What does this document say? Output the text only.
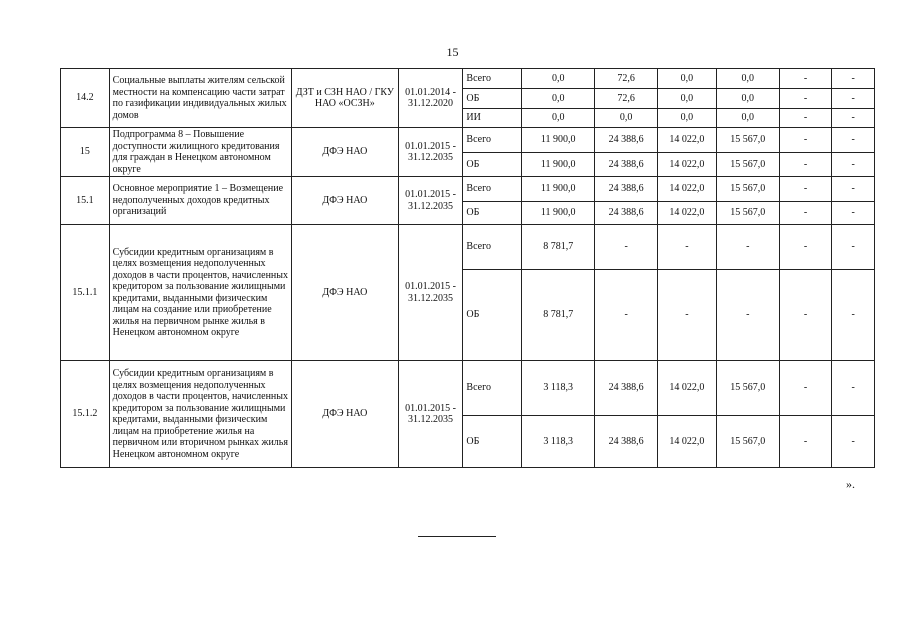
15
14.2	Социальные выплаты жителям сельской местности на компенсацию части затрат по газификации индивидуальных жилых домов	ДЗТ и СЗН НАО / ГКУ НАО «ОСЗН»	01.01.2014 - 31.12.2020	Всего	0,0	72,6	0,0	0,0	-	-
				ОБ	0,0	72,6	0,0	0,0	-	-
				ИИ	0,0	0,0	0,0	0,0	-	-
15	Подпрограмма 8 – Повышение доступности жилищного кредитования для граждан в Ненецком автономном округе	ДФЭ НАО	01.01.2015 - 31.12.2035	Всего	11 900,0	24 388,6	14 022,0	15 567,0	-	-
				ОБ	11 900,0	24 388,6	14 022,0	15 567,0	-	-
15.1	Основное мероприятие 1 – Возмещение недополученных доходов кредитных организаций	ДФЭ НАО	01.01.2015 - 31.12.2035	Всего	11 900,0	24 388,6	14 022,0	15 567,0	-	-
				ОБ	11 900,0	24 388,6	14 022,0	15 567,0	-	-
15.1.1	Субсидии кредитным организациям в целях возмещения недополученных доходов в части процентов, начисленных кредитором за пользование жилищными кредитами, выданными физическим лицам на создание или приобретение жилья на первичном рынке жилья в Ненецком автономном округе	ДФЭ НАО	01.01.2015 - 31.12.2035	Всего	8 781,7	-	-	-	-	-
				ОБ	8 781,7	-	-	-	-	-
15.1.2	Субсидии кредитным организациям в целях возмещения недополученных доходов в части процентов, начисленных кредитором за пользование жилищными кредитами, выданными физическим лицам на приобретение жилья на первичном или вторичном рынках жилья Ненецком автономном округе	ДФЭ НАО	01.01.2015 - 31.12.2035	Всего	3 118,3	24 388,6	14 022,0	15 567,0	-	-
				ОБ	3 118,3	24 388,6	14 022,0	15 567,0	-	-
».
